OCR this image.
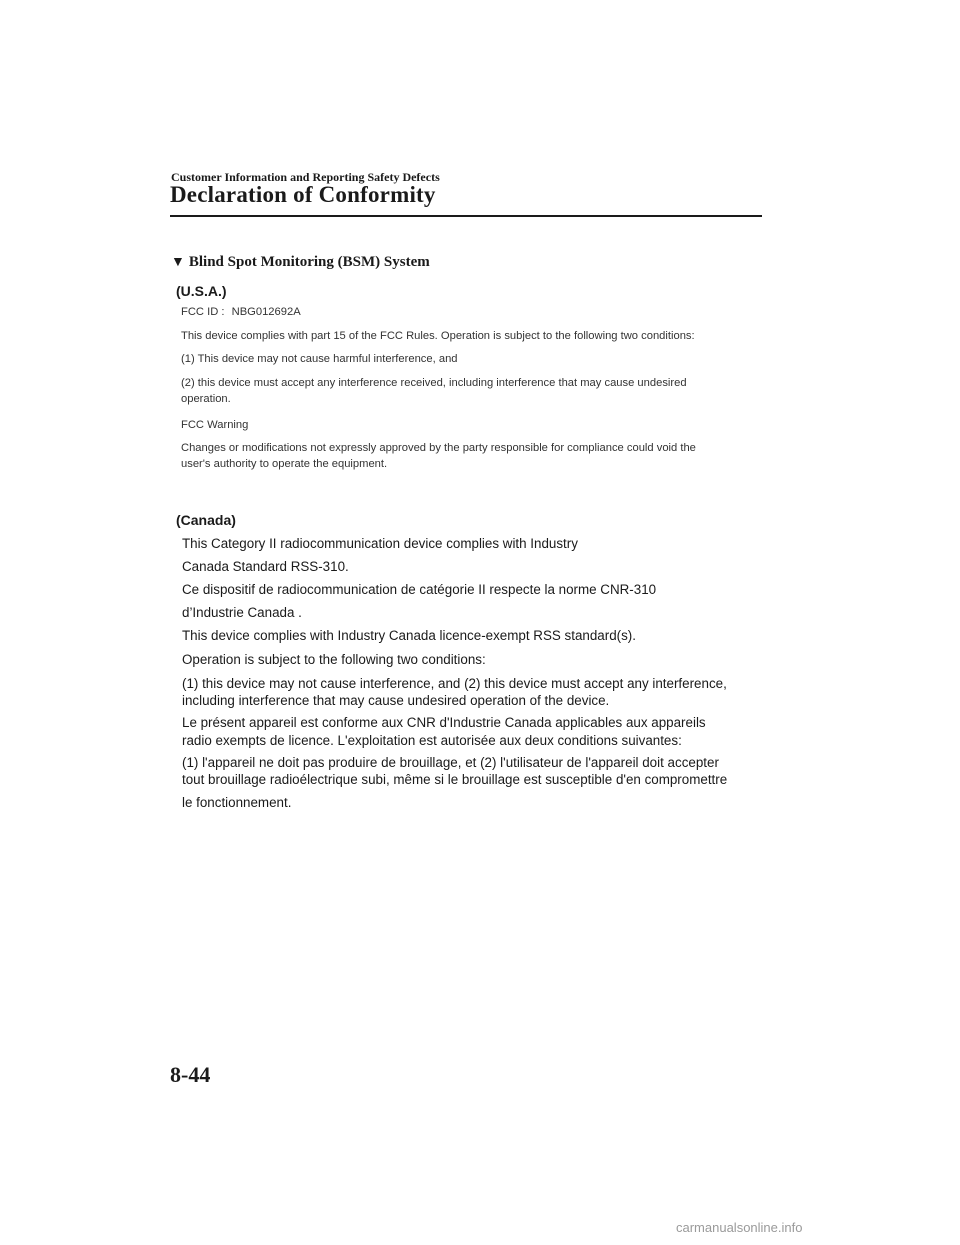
Customer Information and Reporting Safety Defects
Declaration of Conformity
▼ Blind Spot Monitoring (BSM) System
(U.S.A.)
FCC ID : NBG012692A
This device complies with part 15 of the FCC Rules. Operation is subject to the following two conditions:
(1) This device may not cause harmful interference, and
(2) this device must accept any interference received, including interference that may cause undesired
operation.
FCC Warning
Changes or modifications not expressly approved by the party responsible for compliance could void the
user's authority to operate the equipment.
(Canada)
This Category II radiocommunication device complies with Industry
Canada Standard RSS-310.
Ce dispositif de radiocommunication de catégorie II respecte la norme CNR-310
d’Industrie Canada .
This device complies with Industry Canada licence-exempt RSS standard(s).
Operation is subject to the following two conditions:
(1) this device may not cause interference, and (2) this device must accept any interference,
including interference that may cause undesired operation of the device.
Le présent appareil est conforme aux CNR d'Industrie Canada applicables aux appareils
radio exempts de licence. L'exploitation est autorisée aux deux conditions suivantes:
(1) l'appareil ne doit pas produire de brouillage, et (2) l'utilisateur de l'appareil doit accepter
tout brouillage radioélectrique subi, même si le brouillage est susceptible d'en compromettre
le fonctionnement.
8-44
carmanualsonline.info
